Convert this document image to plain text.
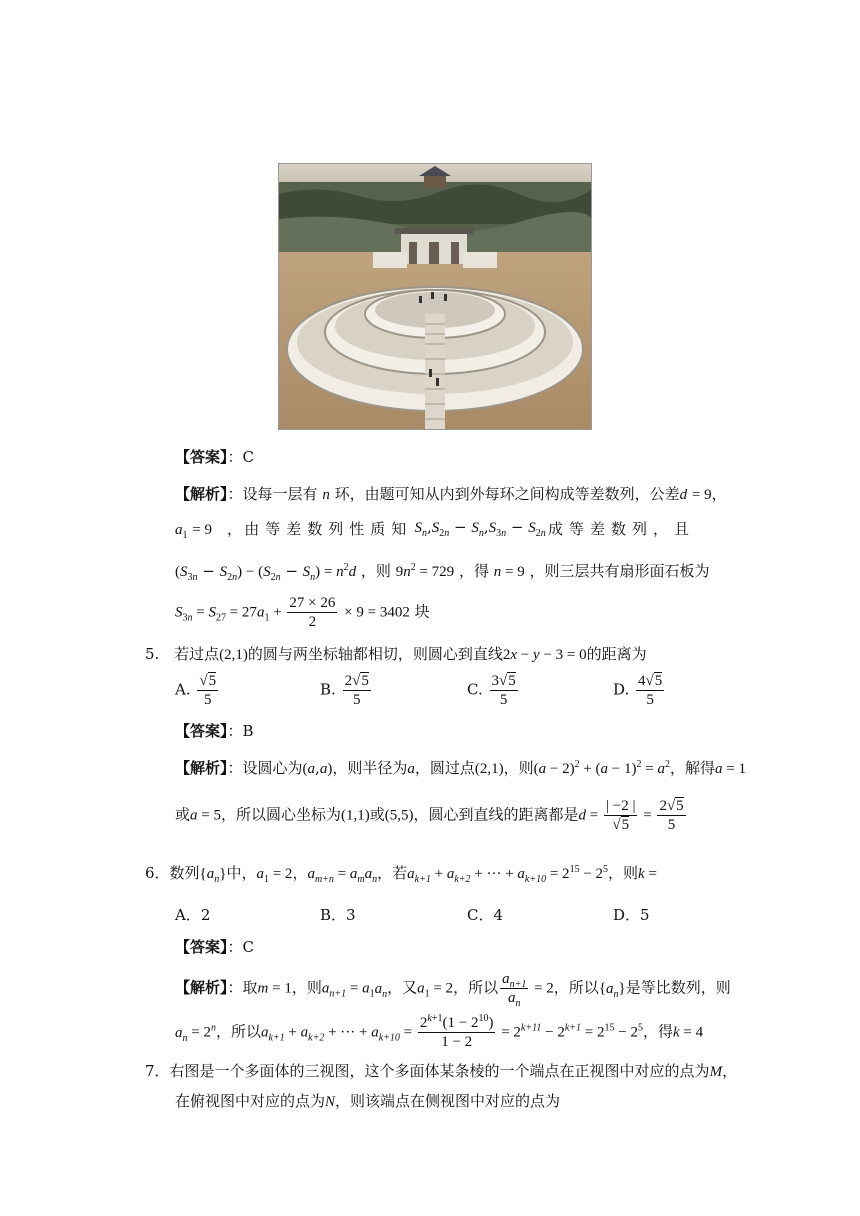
【答案】：C
【解析】：设每一层有 n 环，由题可知从内到外每环之间构成等差数列，公差d = 9，
$a_1 = 9$　， 由等差数列性质知 $S_n,S_{2n} - S_n,S_{3n} - S_{2n}$ 成等差数列，且
$(S_{3n} - S_{2n}) - (S_{2n} - S_n) = n^2d$ ，则 $9n^2 = 729$ ，得 n = 9 ，则三层共有扇形面石板为
$S_{3n} = S_{27} = 27a_1 + \frac{27 \times 26}{2} \times 9 = 3402$ 块
5. 若过点(2,1)的圆与两坐标轴都相切，则圆心到直线2x − y − 3 = 0的距离为
A. $\frac{√5}{5}$	B. $\frac{2√5}{5}$	C. $\frac{3√5}{5}$	D. $\frac{4√5}{5}$
【答案】：B
【解析】：设圆心为(a,a)，则半径为a，圆过点(2,1)，则$(a - 2)^2 + (a - 1)^2 = a^2$，解得a = 1
或a = 5，所以圆心坐标为(1,1)或(5,5)，圆心到直线的距离都是$d = \frac{| -2 |}{√5} = \frac{2√5}{5}$
6．数列$\{a_n\}$中，$a_1 = 2$，$a_{m+n} = a_ma_n$，若$a_{k+1} + a_{k+2}$ + ··· + $a_{k+10} = 2^{15} - 2^5$，则k =
A．2	B．3	C．4	D．5
【答案】：C
【解析】：取m = 1，则$a_{n+1} = a_1a_n$，又$a_1 = 2$，所以 $\frac{a_{n+1}}{a_n} = 2$，所以$\{a_n\}$是等比数列，则
$a_n = 2^n$，所以$a_{k+1} + a_{k+2}$ + ··· + $a_{k+10} = \frac{2^{k+1}(1 - 2^{10})}{1 - 2} = 2^{k+11} - 2^{k+1} = 2^{15} - 2^5$，得k = 4
7．右图是一个多面体的三视图，这个多面体某条棱的一个端点在正视图中对应的点为M，
在俯视图中对应的点为N，则该端点在侧视图中对应的点为
